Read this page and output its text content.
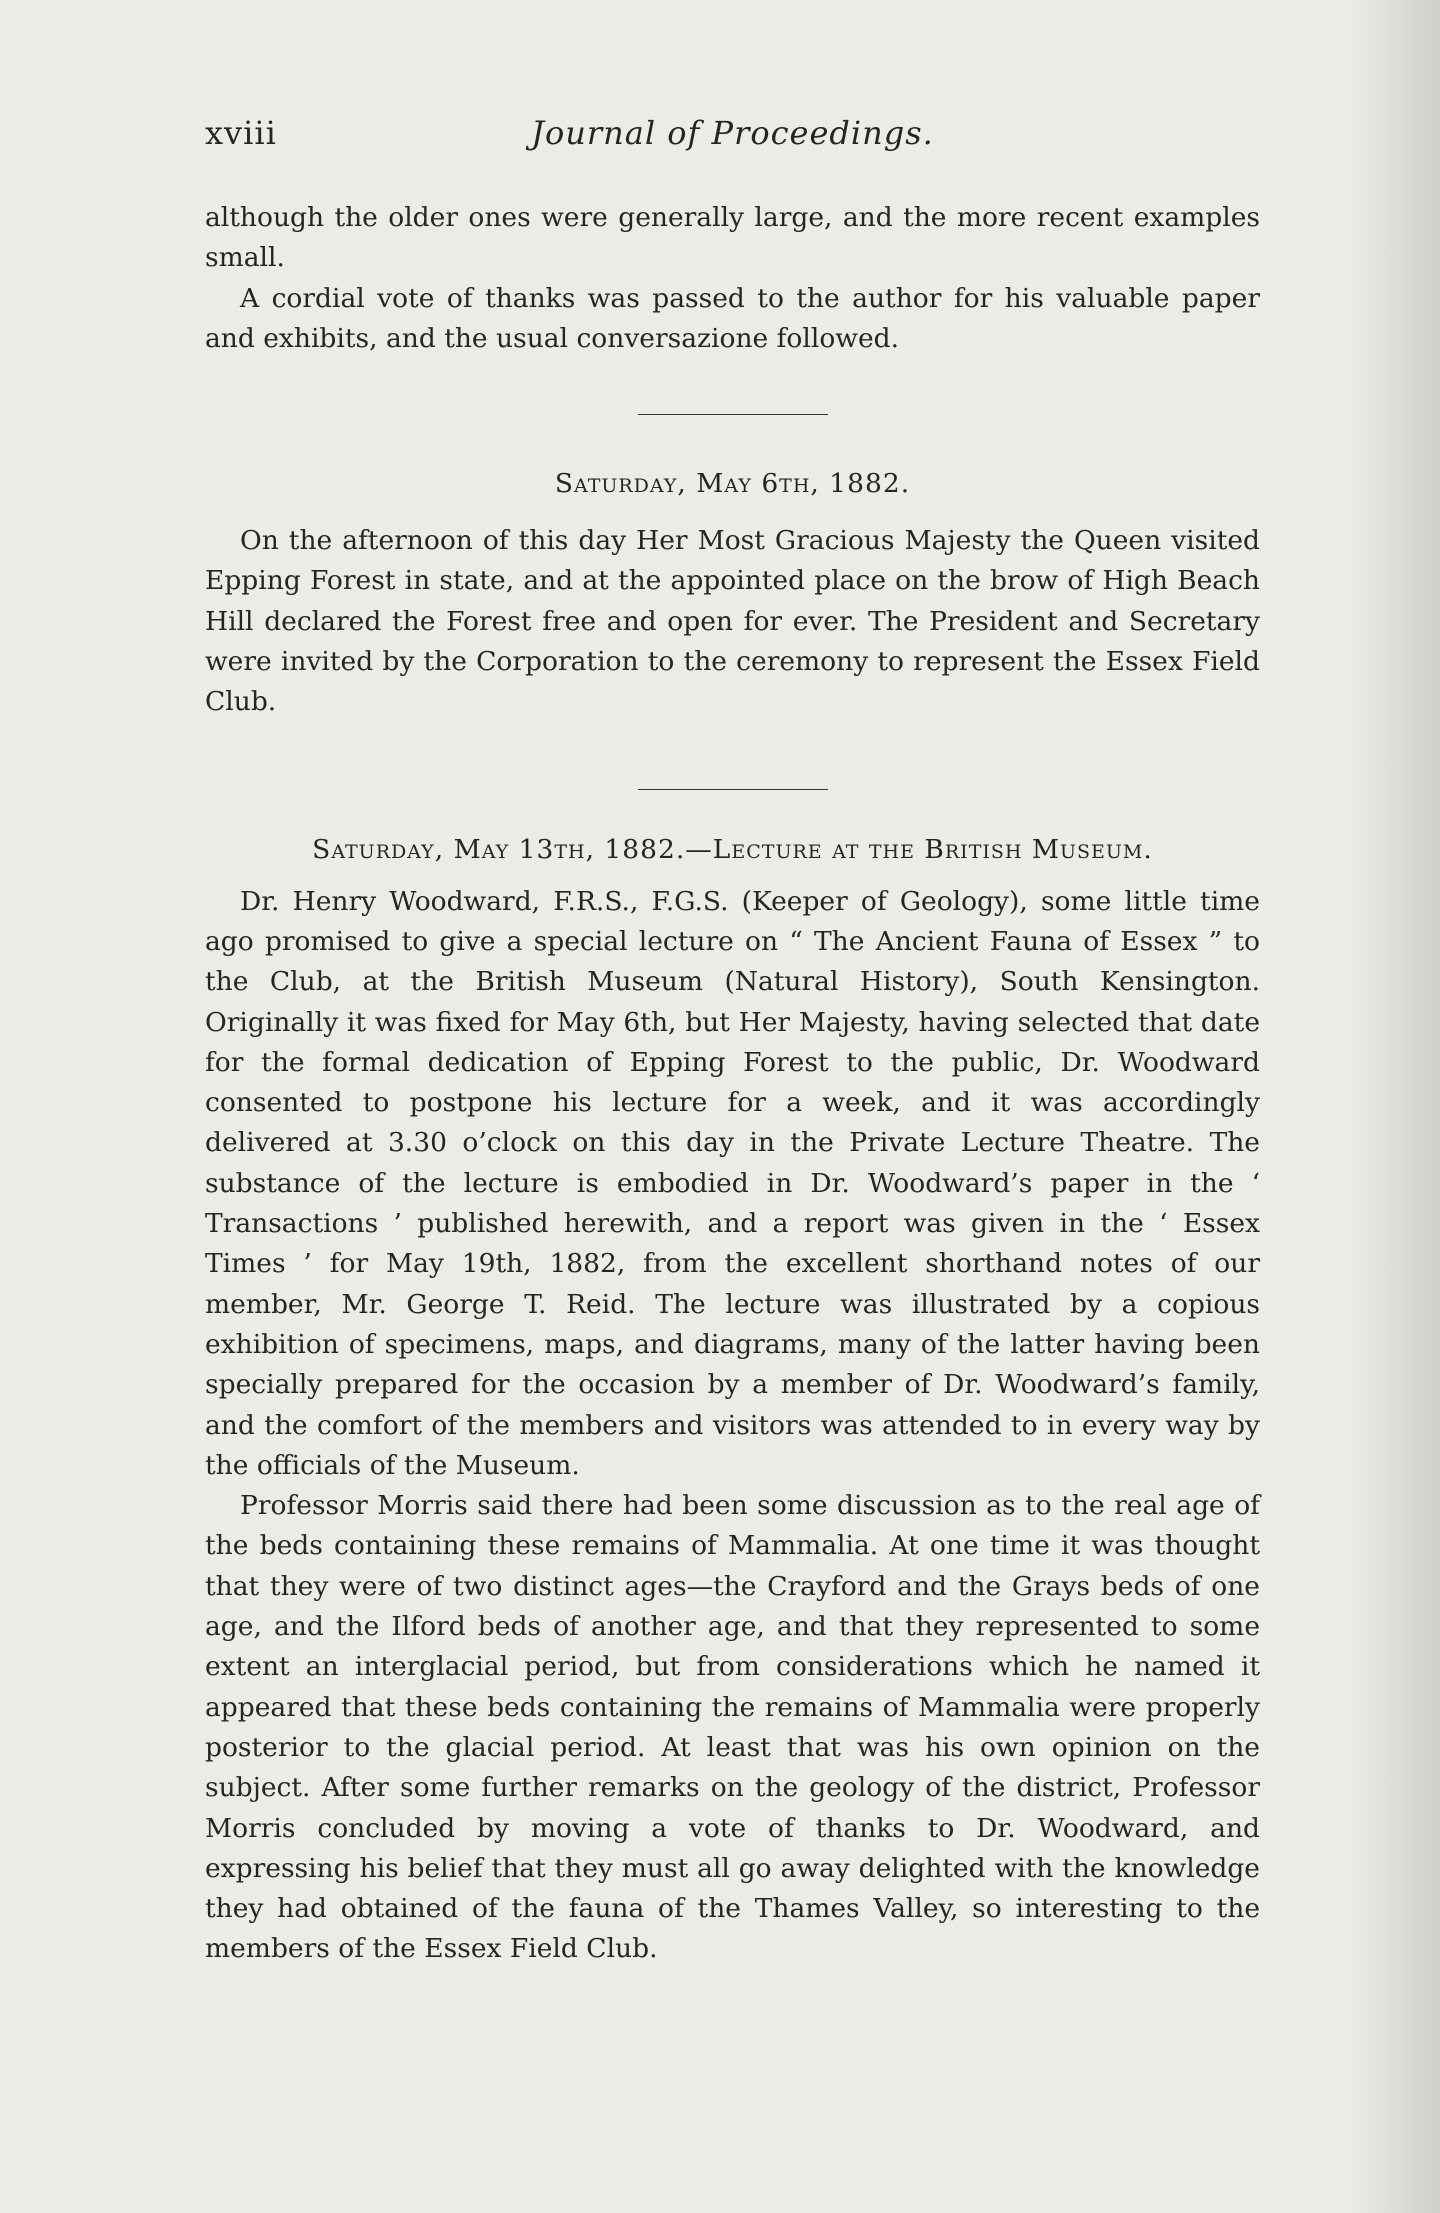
xviii	Journal of Proceedings.

although the older ones were generally large, and the more recent examples small.

A cordial vote of thanks was passed to the author for his valuable paper and exhibits, and the usual conversazione followed.

Saturday, May 6th, 1882.

On the afternoon of this day Her Most Gracious Majesty the Queen visited Epping Forest in state, and at the appointed place on the brow of High Beach Hill declared the Forest free and open for ever. The President and Secretary were invited by the Corporation to the ceremony to represent the Essex Field Club.

Saturday, May 13th, 1882.—Lecture at the British Museum.

Dr. Henry Woodward, F.R.S., F.G.S. (Keeper of Geology), some little time ago promised to give a special lecture on “ The Ancient Fauna of Essex ” to the Club, at the British Museum (Natural History), South Kensington. Originally it was fixed for May 6th, but Her Majesty, having selected that date for the formal dedication of Epping Forest to the public, Dr. Woodward consented to postpone his lecture for a week, and it was accordingly delivered at 3.30 o’clock on this day in the Private Lecture Theatre. The substance of the lecture is embodied in Dr. Woodward’s paper in the ‘ Transactions ’ published herewith, and a report was given in the ‘ Essex Times ’ for May 19th, 1882, from the excellent shorthand notes of our member, Mr. George T. Reid. The lecture was illustrated by a copious exhibition of specimens, maps, and diagrams, many of the latter having been specially prepared for the occasion by a member of Dr. Woodward’s family, and the comfort of the members and visitors was attended to in every way by the officials of the Museum.

Professor Morris said there had been some discussion as to the real age of the beds containing these remains of Mammalia. At one time it was thought that they were of two distinct ages—the Crayford and the Grays beds of one age, and the Ilford beds of another age, and that they represented to some extent an interglacial period, but from considerations which he named it appeared that these beds containing the remains of Mammalia were properly posterior to the glacial period. At least that was his own opinion on the subject. After some further remarks on the geology of the district, Professor Morris concluded by moving a vote of thanks to Dr. Woodward, and expressing his belief that they must all go away delighted with the knowledge they had obtained of the fauna of the Thames Valley, so interesting to the members of the Essex Field Club.
